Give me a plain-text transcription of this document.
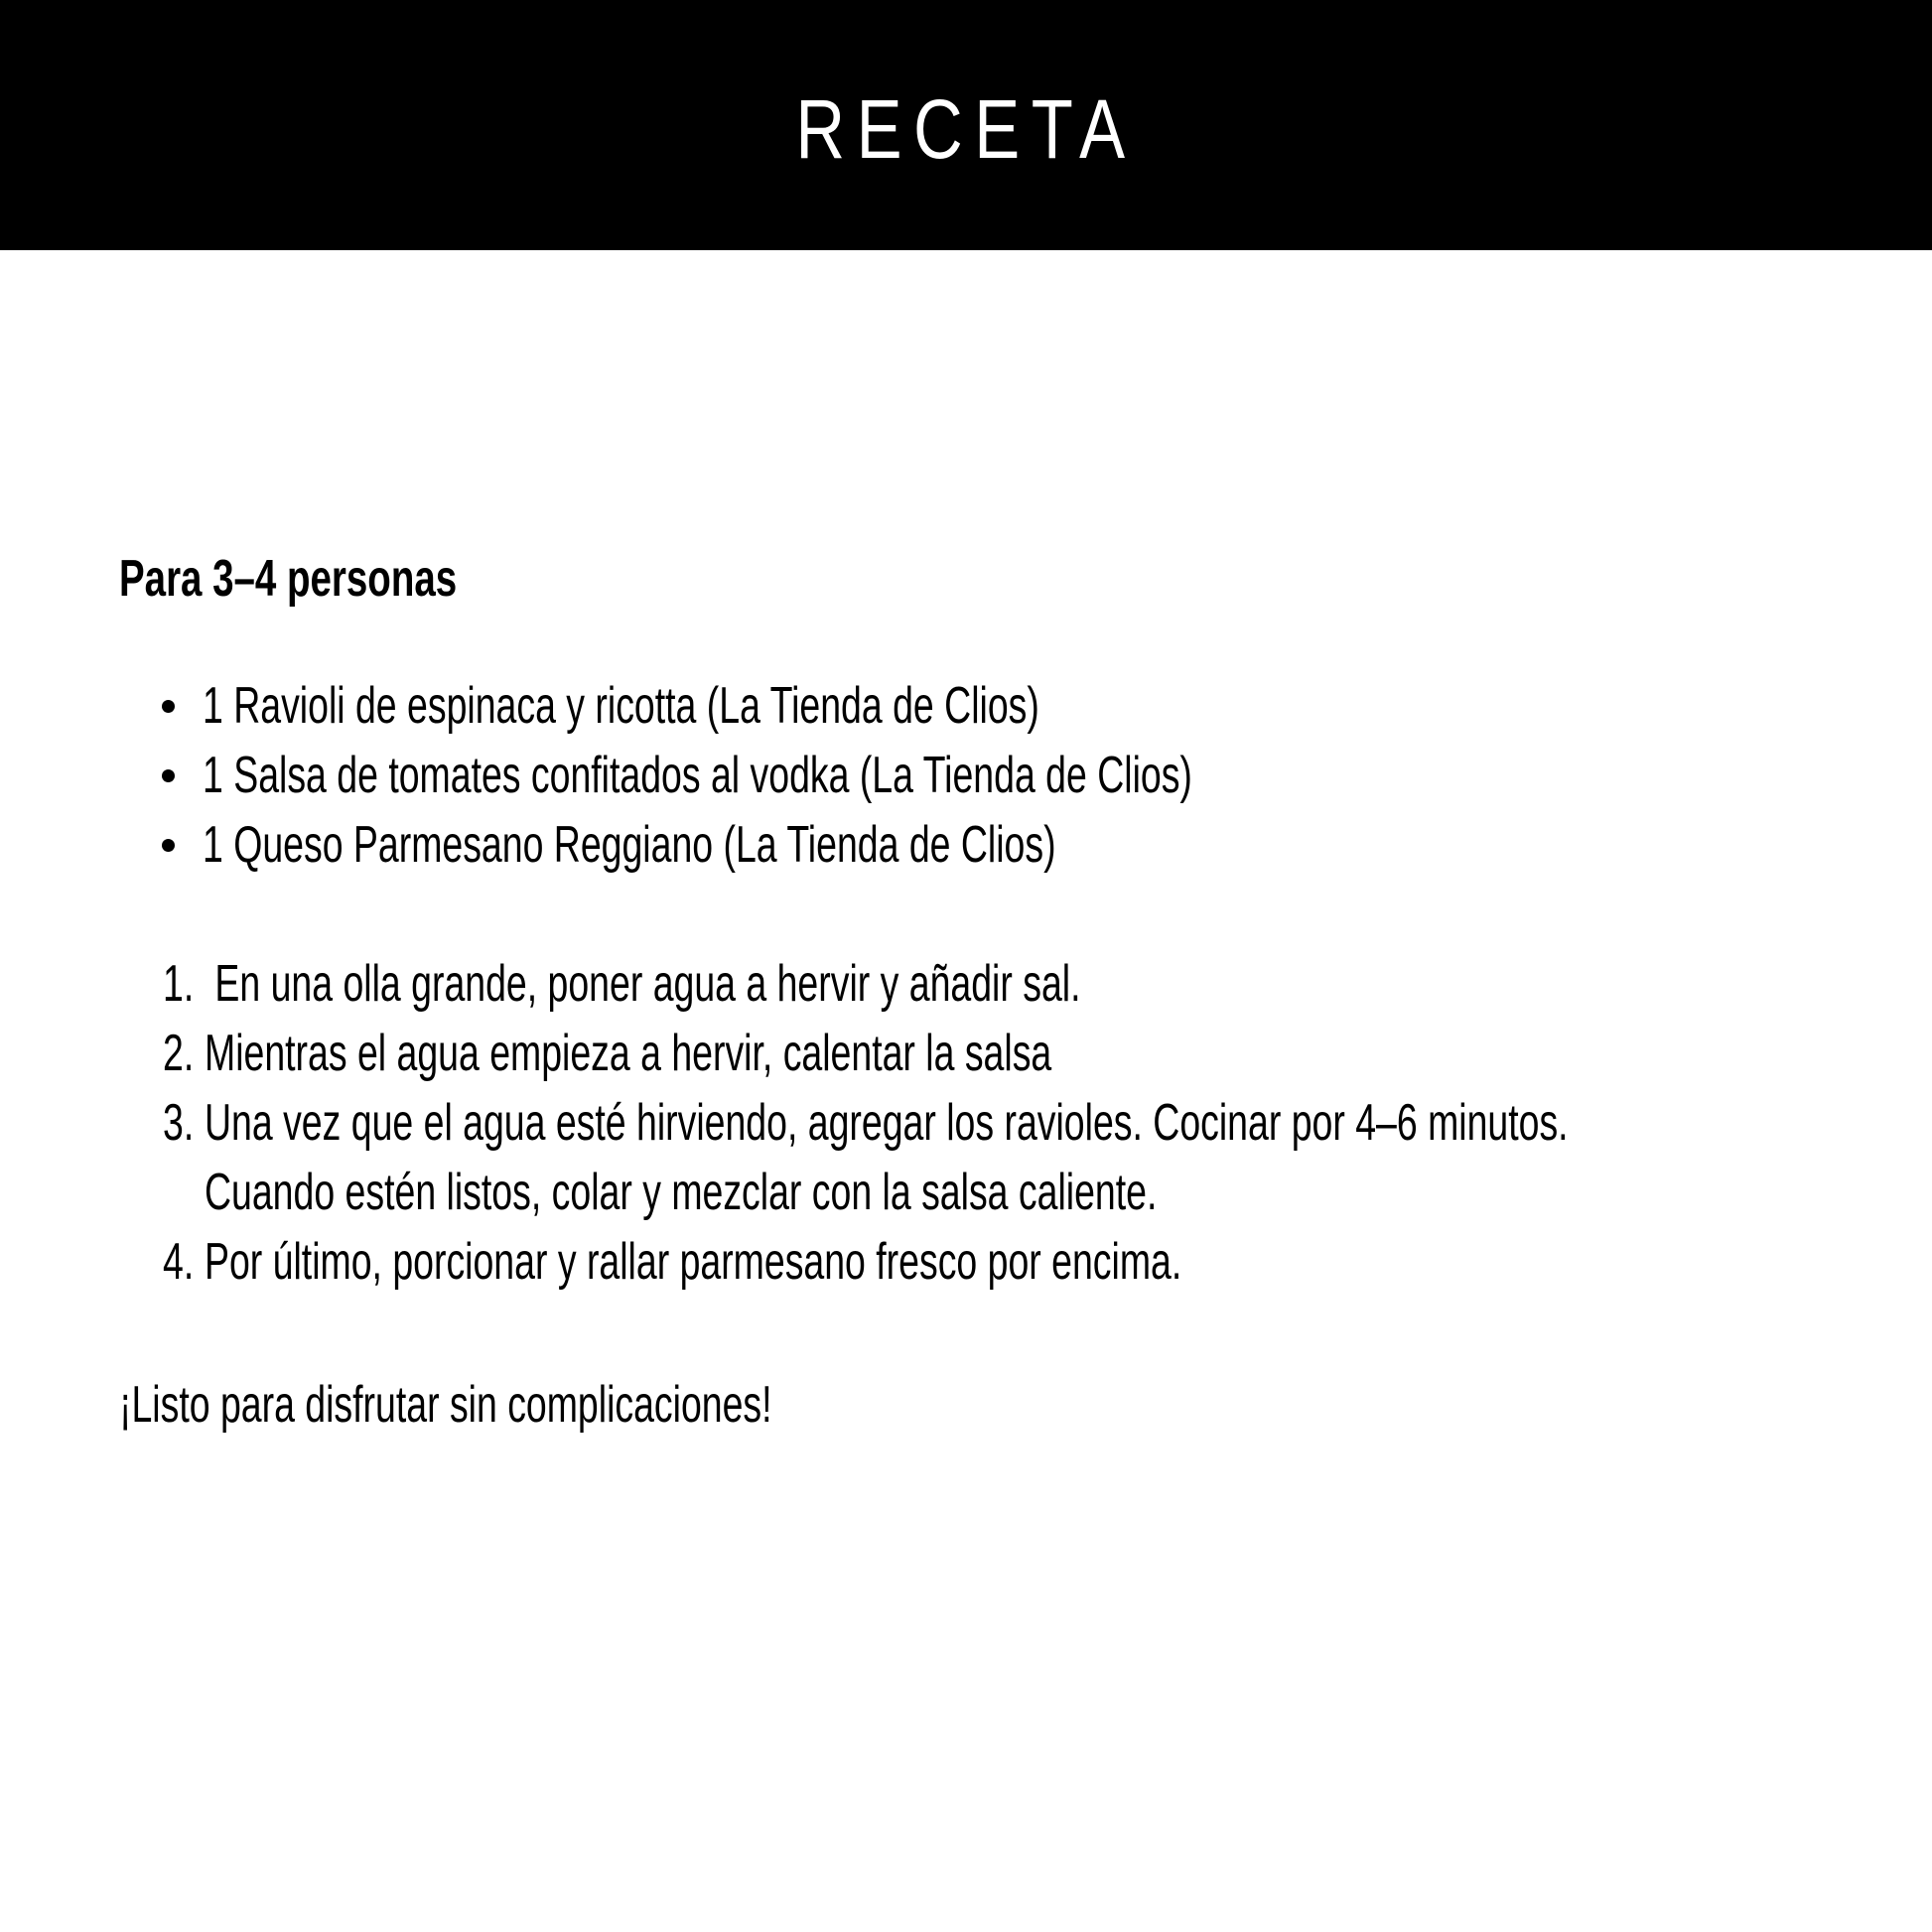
RECETA
Para 3–4 personas
1 Ravioli de espinaca y ricotta (La Tienda de Clios)
1 Salsa de tomates confitados al vodka (La Tienda de Clios)
1 Queso Parmesano Reggiano (La Tienda de Clios)
1. En una olla grande, poner agua a hervir y añadir sal.
2. Mientras el agua empieza a hervir, calentar la salsa
3. Una vez que el agua esté hirviendo, agregar los ravioles. Cocinar por 4–6 minutos.
Cuando estén listos, colar y mezclar con la salsa caliente.
4. Por último, porcionar y rallar parmesano fresco por encima.
¡Listo para disfrutar sin complicaciones!
